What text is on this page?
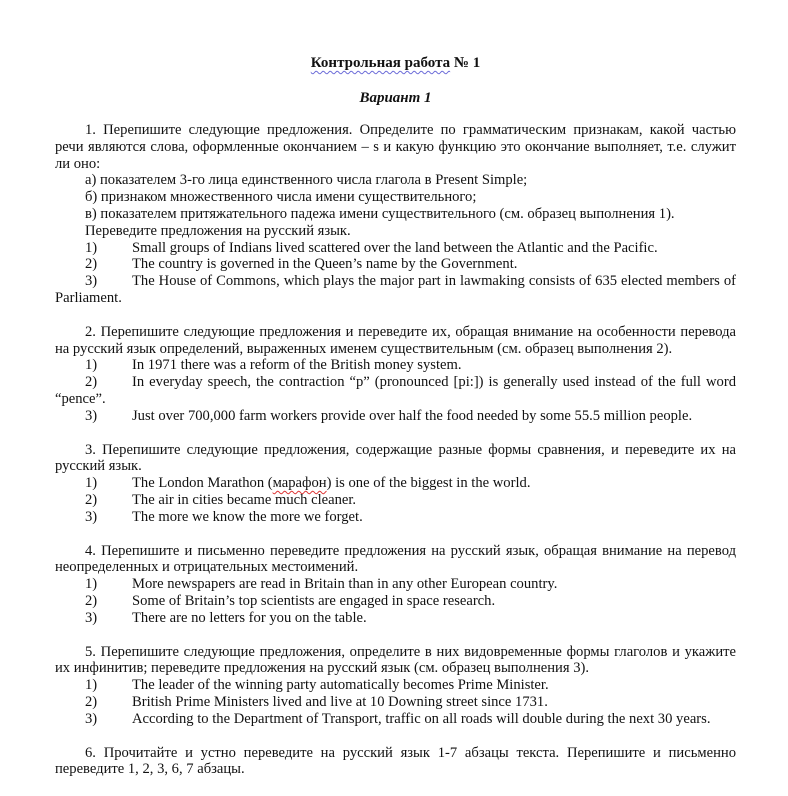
Контрольная работа № 1

Вариант 1

1. Перепишите следующие предложения. Определите по грамматическим признакам, какой частью речи являются слова, оформленные окончанием – s и какую функцию это окончание выполняет, т.е. служит ли оно:

а) показателем 3-го лица единственного числа глагола в Present Simple;

б) признаком множественного числа имени существительного;

в) показателем притяжательного падежа имени существительного (см. образец выполнения 1).

Переведите предложения на русский язык.

1)	Small groups of Indians lived scattered over the land between the Atlantic and the Pacific.
2)	The country is governed in the Queen’s name by the Government.
3) The House of Commons, which plays the major part in lawmaking consists of 635 elected members of Parliament.

2. Перепишите следующие предложения и переведите их, обращая внимание на особенности перевода на русский язык определений, выраженных именем существительным (см. образец выполнения 2).

1)	In 1971 there was a reform of the British money system.
2) In everyday speech, the contraction “p” (pronounced [pi:]) is generally used instead of the full word “pence”.
3)	Just over 700,000 farm workers provide over half the food needed by some 55.5 million people.

3. Перепишите следующие предложения, содержащие разные формы сравнения, и переведите их на русский язык.

1)	The London Marathon (марафон) is one of the biggest in the world.
2)	The air in cities became much cleaner.
3)	The more we know the more we forget.

4. Перепишите и письменно переведите предложения на русский язык, обращая внимание на перевод неопределенных и отрицательных местоимений.

1)	More newspapers are read in Britain than in any other European country.
2)	Some of Britain’s top scientists are engaged in space research.
3)	There are no letters for you on the table.

5. Перепишите следующие предложения, определите в них видовременные формы глаголов и укажите их инфинитив; переведите предложения на русский язык (см. образец выполнения 3).

1)	The leader of the winning party automatically becomes Prime Minister.
2)	British Prime Ministers lived and live at 10 Downing street since 1731.
3)	According to the Department of Transport, traffic on all roads will double during the next 30 years.

6. Прочитайте и устно переведите на русский язык 1-7 абзацы текста. Перепишите и письменно переведите 1, 2, 3, 6, 7 абзацы.
